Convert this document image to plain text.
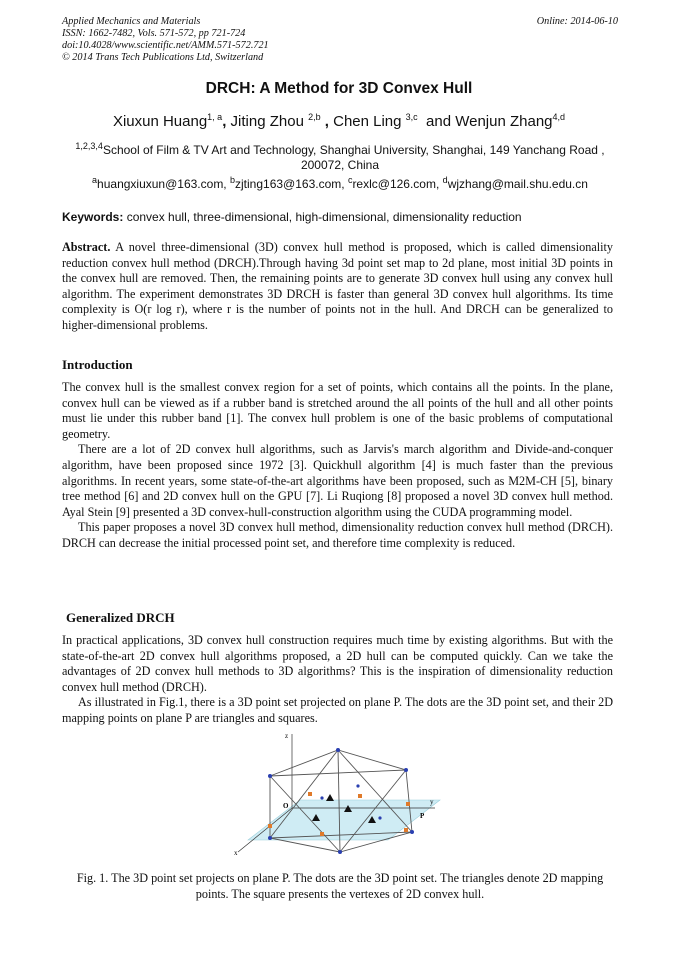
Applied Mechanics and Materials
ISSN: 1662-7482, Vols. 571-572, pp 721-724
doi:10.4028/www.scientific.net/AMM.571-572.721
© 2014 Trans Tech Publications Ltd, Switzerland
Online: 2014-06-10
DRCH: A Method for 3D Convex Hull
Xiuxun Huang$^{1, a}$, Jiting Zhou $^{2,b}$ , Chen Ling $^{3,c}$ and Wenjun Zhang$^{4,d}$
$^{1,2,3,4}$School of Film & TV Art and Technology, Shanghai University, Shanghai, 149 Yanchang Road , 200072, China
$^a$huangxiuxun@163.com, $^b$zjting163@163.com, $^c$rexlc@126.com, $^d$wjzhang@mail.shu.edu.cn
Keywords: convex hull, three-dimensional, high-dimensional, dimensionality reduction

Abstract. A novel three-dimensional (3D) convex hull method is proposed, which is called dimensionality reduction convex hull method (DRCH).Through having 3d point set map to 2d plane, most initial 3D points in the convex hull are removed. Then, the remaining points are to generate 3D convex hull using any convex hull algorithm. The experiment demonstrates 3D DRCH is faster than general 3D convex hull algorithms. Its time complexity is O(r log r), where r is the number of points not in the hull. And DRCH can be generalized to higher-dimensional problems.

Introduction

The convex hull is the smallest convex region for a set of points, which contains all the points. In the plane, convex hull can be viewed as if a rubber band is stretched around the all points of the hull and all other points must lie under this rubber band [1]. The convex hull problem is one of the basic problems of computational geometry.

There are a lot of 2D convex hull algorithms, such as Jarvis's march algorithm and Divide-and-conquer algorithm, have been proposed since 1972 [3]. Quickhull algorithm [4] is much faster than the previous algorithms. In recent years, some state-of-the-art algorithms have been proposed, such as M2M-CH [5], binary tree method [6] and 2D convex hull on the GPU [7]. Li Ruqiong [8] proposed a novel 3D convex hull method. Ayal Stein [9] presented a 3D convex-hull-construction algorithm using the CUDA programming model.

This paper proposes a novel 3D convex hull method, dimensionality reduction convex hull method (DRCH). DRCH can decrease the initial processed point set, and therefore time complexity is reduced.

Generalized DRCH

In practical applications, 3D convex hull construction requires much time by existing algorithms. But with the state-of-the-art 2D convex hull algorithms proposed, a 2D hull can be computed quickly. Can we take the advantages of 2D convex hull methods to 3D algorithms? This is the inspiration of dimensionality reduction convex hull method (DRCH).

As illustrated in Fig.1, there is a 3D point set projected on plane P. The dots are the 3D point set, and their 2D mapping points on plane P are triangles and squares.

z
y
x
O
P
Fig. 1. The 3D point set projects on plane P. The dots are the 3D point set. The triangles denote 2D mapping points. The square presents the vertexes of 2D convex hull.
